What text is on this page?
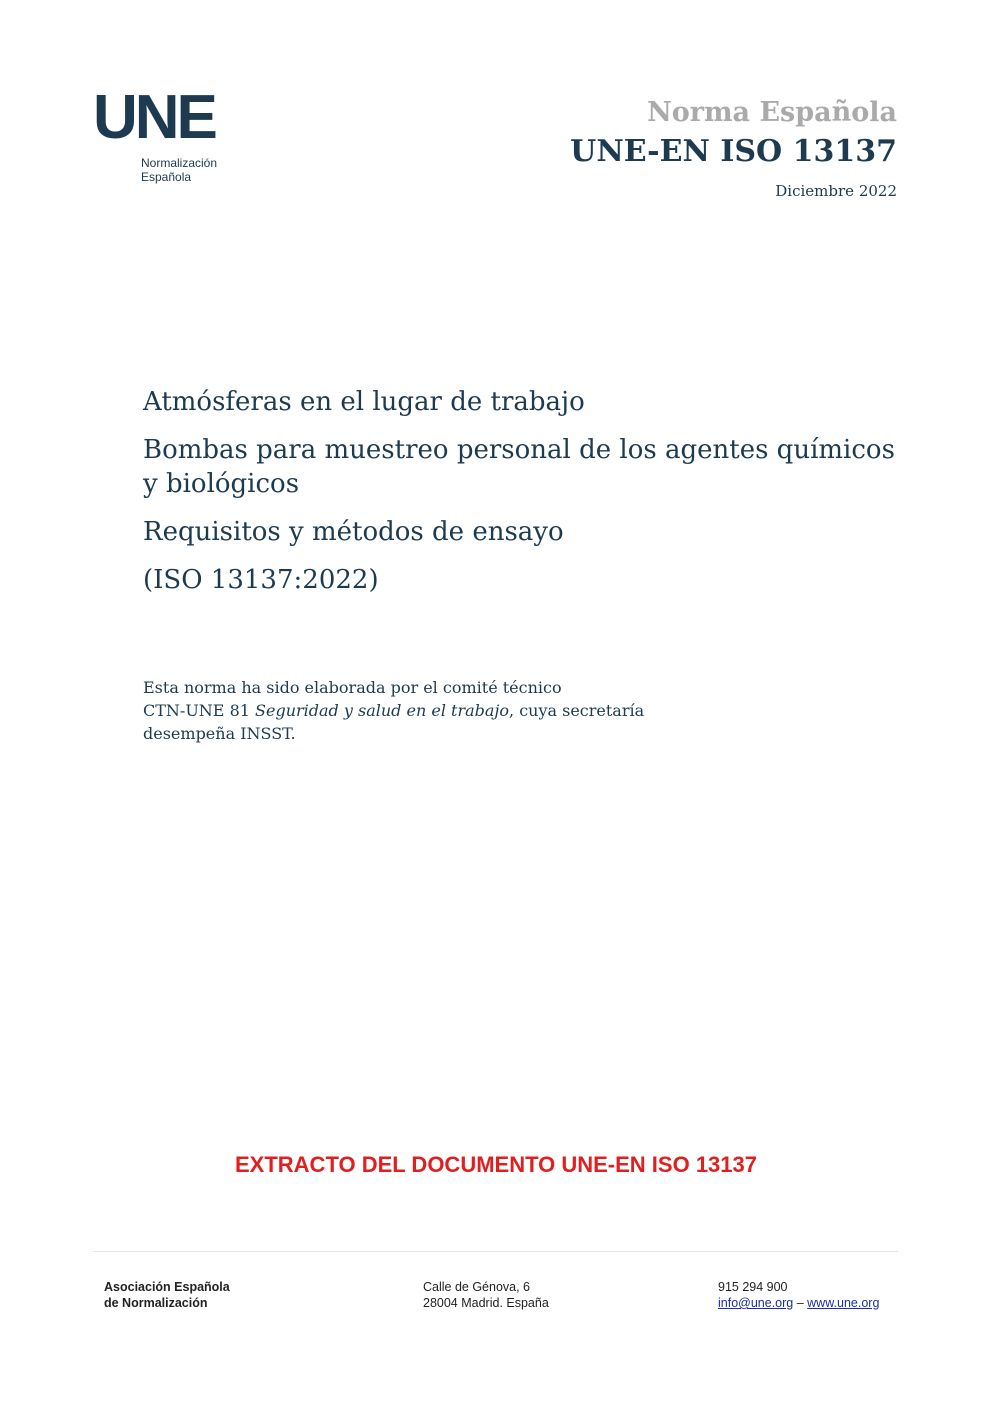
UNE
Normalización
Española
Norma Española
UNE-EN ISO 13137
Diciembre 2022

Atmósferas en el lugar de trabajo

Bombas para muestreo personal de los agentes químicos y biológicos

Requisitos y métodos de ensayo

(ISO 13137:2022)

Esta norma ha sido elaborada por el comité técnico
CTN-UNE 81 Seguridad y salud en el trabajo, cuya secretaría
desempeña INSST.
EXTRACTO DEL DOCUMENTO UNE-EN ISO 13137
Asociación Española
de Normalización
Calle de Génova, 6
28004 Madrid. España
915 294 900
info@une.org – www.une.org
